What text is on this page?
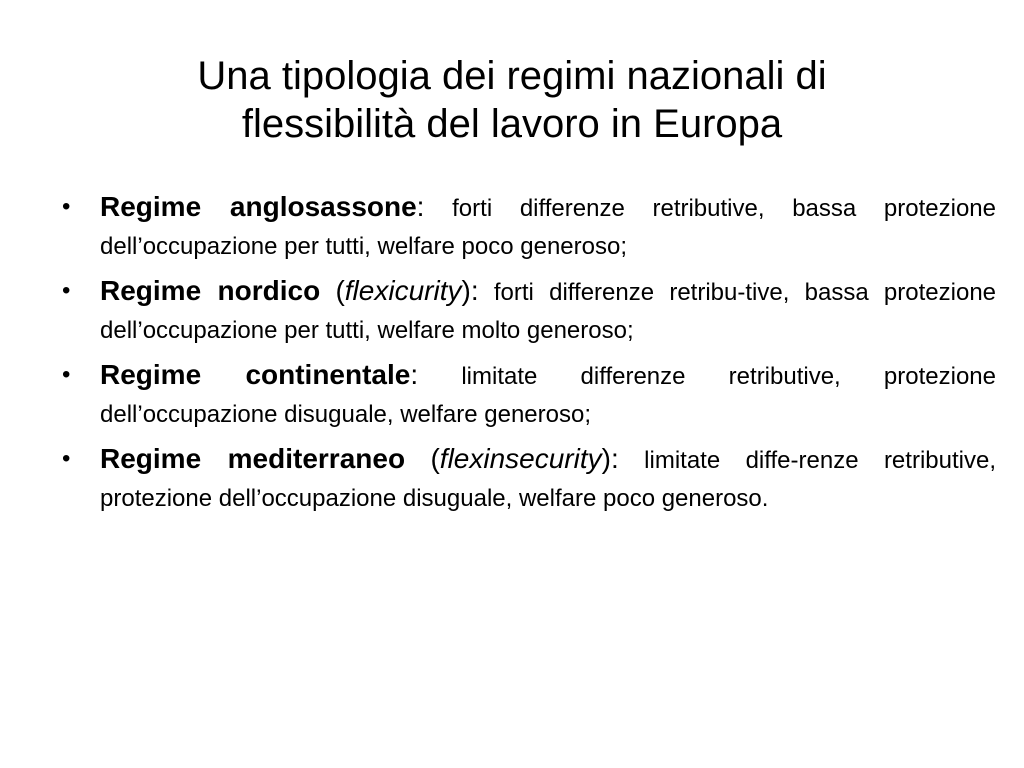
Una tipologia dei regimi nazionali di
flessibilità del lavoro in Europa
•	Regime anglosassone: forti differenze retributive, bassa protezione dell’occupazione per tutti, welfare poco generoso;
•	Regime nordico (flexicurity): forti differenze retribu-tive, bassa protezione dell’occupazione per tutti, welfare molto generoso;
•	Regime continentale: limitate differenze retributive, protezione dell’occupazione disuguale, welfare generoso;
•	Regime mediterraneo (flexinsecurity): limitate diffe-renze retributive, protezione dell’occupazione disuguale, welfare poco generoso.
